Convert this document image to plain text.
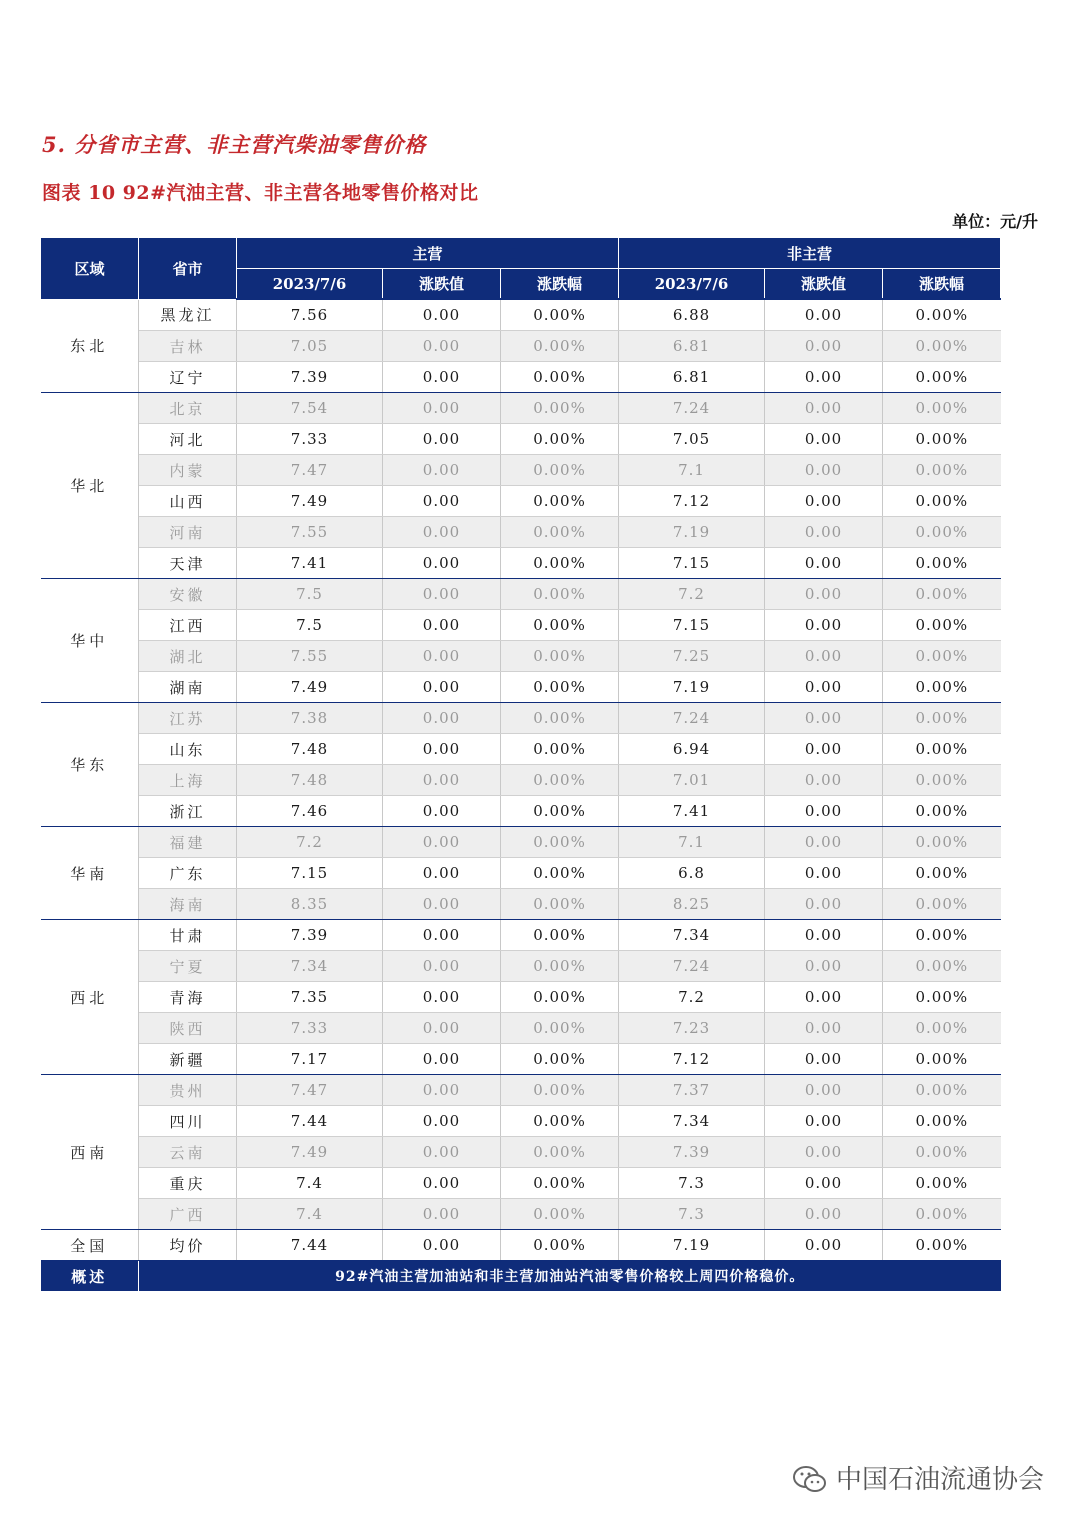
5. 分省市主营、非主营汽柴油零售价格
图表 10 92#汽油主营、非主营各地零售价格对比
单位：元/升
区域	省市	主营			非主营		
		2023/7/6	涨跌值	涨跌幅	2023/7/6	涨跌值	涨跌幅
东北	黑龙江	7.56	0.00	0.00%	6.88	0.00	0.00%
	吉林	7.05	0.00	0.00%	6.81	0.00	0.00%
	辽宁	7.39	0.00	0.00%	6.81	0.00	0.00%
华北	北京	7.54	0.00	0.00%	7.24	0.00	0.00%
	河北	7.33	0.00	0.00%	7.05	0.00	0.00%
	内蒙	7.47	0.00	0.00%	7.1	0.00	0.00%
	山西	7.49	0.00	0.00%	7.12	0.00	0.00%
	河南	7.55	0.00	0.00%	7.19	0.00	0.00%
	天津	7.41	0.00	0.00%	7.15	0.00	0.00%
华中	安徽	7.5	0.00	0.00%	7.2	0.00	0.00%
	江西	7.5	0.00	0.00%	7.15	0.00	0.00%
	湖北	7.55	0.00	0.00%	7.25	0.00	0.00%
	湖南	7.49	0.00	0.00%	7.19	0.00	0.00%
华东	江苏	7.38	0.00	0.00%	7.24	0.00	0.00%
	山东	7.48	0.00	0.00%	6.94	0.00	0.00%
	上海	7.48	0.00	0.00%	7.01	0.00	0.00%
	浙江	7.46	0.00	0.00%	7.41	0.00	0.00%
华南	福建	7.2	0.00	0.00%	7.1	0.00	0.00%
	广东	7.15	0.00	0.00%	6.8	0.00	0.00%
	海南	8.35	0.00	0.00%	8.25	0.00	0.00%
西北	甘肃	7.39	0.00	0.00%	7.34	0.00	0.00%
	宁夏	7.34	0.00	0.00%	7.24	0.00	0.00%
	青海	7.35	0.00	0.00%	7.2	0.00	0.00%
	陕西	7.33	0.00	0.00%	7.23	0.00	0.00%
	新疆	7.17	0.00	0.00%	7.12	0.00	0.00%
西南	贵州	7.47	0.00	0.00%	7.37	0.00	0.00%
	四川	7.44	0.00	0.00%	7.34	0.00	0.00%
	云南	7.49	0.00	0.00%	7.39	0.00	0.00%
	重庆	7.4	0.00	0.00%	7.3	0.00	0.00%
	广西	7.4	0.00	0.00%	7.3	0.00	0.00%
全国	均价	7.44	0.00	0.00%	7.19	0.00	0.00%
概述	92#汽油主营加油站和非主营加油站汽油零售价格较上周四价格稳价。						
中国石油流通协会
